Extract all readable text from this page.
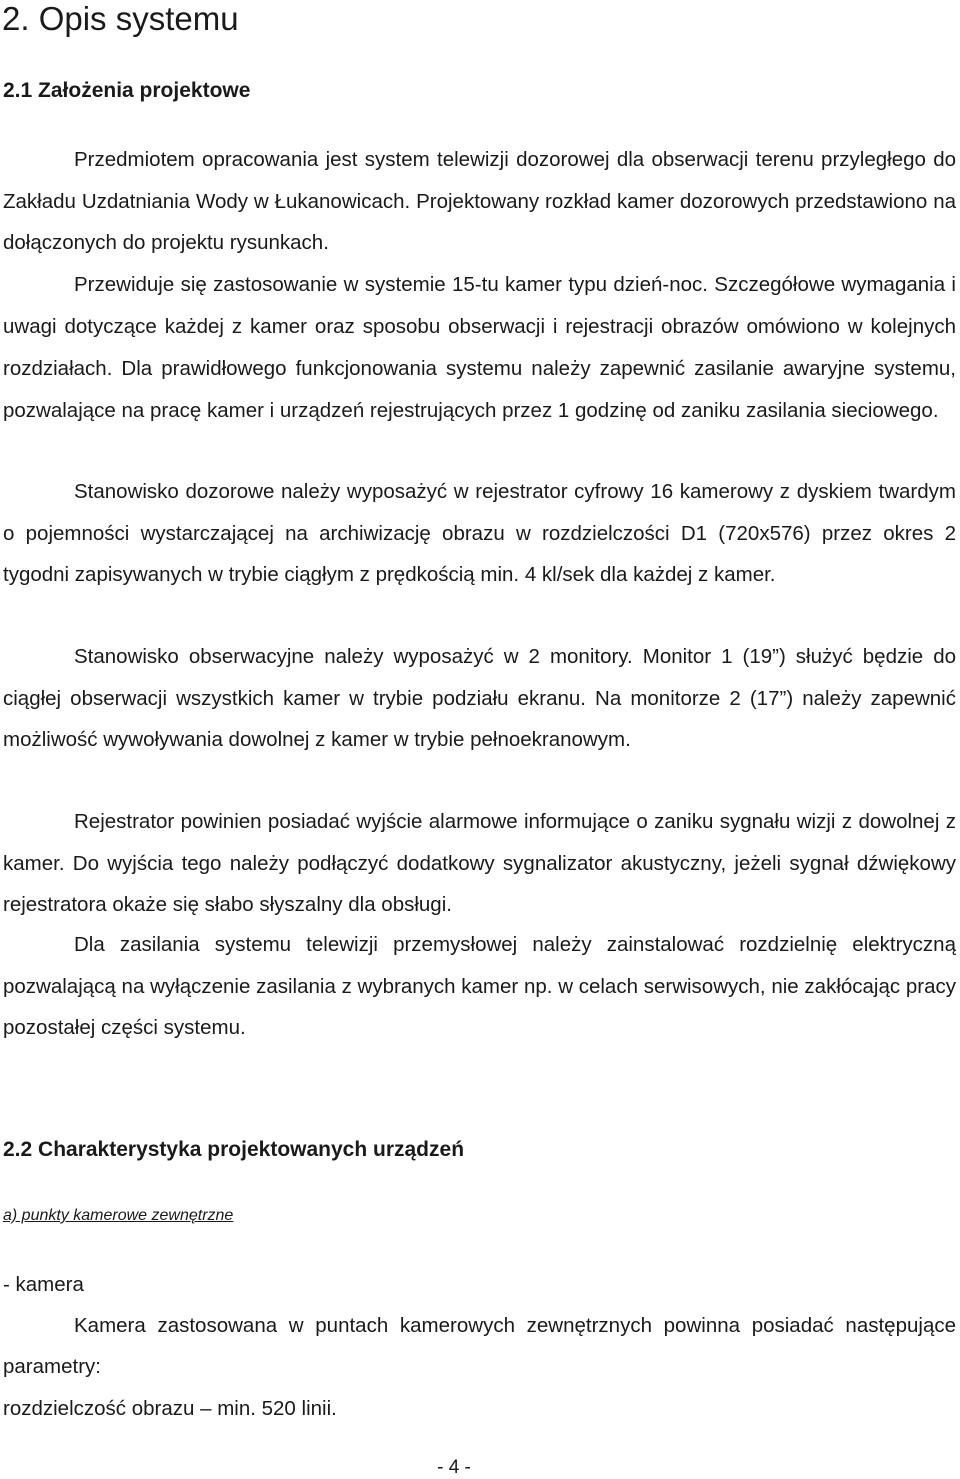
2. Opis systemu
2.1 Założenia projektowe

Przedmiotem opracowania jest system telewizji dozorowej dla obserwacji terenu przyległego do Zakładu Uzdatniania Wody w Łukanowicach. Projektowany rozkład kamer dozorowych przedstawiono na dołączonych do projektu rysunkach.

Przewiduje się zastosowanie w systemie 15-tu kamer typu dzień-noc. Szczegółowe wymagania i uwagi dotyczące każdej z kamer oraz sposobu obserwacji i rejestracji obrazów omówiono w kolejnych rozdziałach. Dla prawidłowego funkcjonowania systemu należy zapewnić zasilanie awaryjne systemu, pozwalające na pracę kamer i urządzeń rejestrujących przez 1 godzinę od zaniku zasilania sieciowego.

Stanowisko dozorowe należy wyposażyć w rejestrator cyfrowy 16 kamerowy z dyskiem twardym o pojemności wystarczającej na archiwizację obrazu w rozdzielczości D1 (720x576) przez okres 2 tygodni zapisywanych w trybie ciągłym z prędkością min. 4 kl/sek dla każdej z kamer.

Stanowisko obserwacyjne należy wyposażyć w 2 monitory. Monitor 1 (19”) służyć będzie do ciągłej obserwacji wszystkich kamer w trybie podziału ekranu. Na monitorze 2 (17”) należy zapewnić możliwość wywoływania dowolnej z kamer w trybie pełnoekranowym.

Rejestrator powinien posiadać wyjście alarmowe informujące o zaniku sygnału wizji z dowolnej z kamer. Do wyjścia tego należy podłączyć dodatkowy sygnalizator akustyczny, jeżeli sygnał dźwiękowy rejestratora okaże się słabo słyszalny dla obsługi.

Dla zasilania systemu telewizji przemysłowej należy zainstalować rozdzielnię elektryczną pozwalającą na wyłączenie zasilania z wybranych kamer np. w celach serwisowych, nie zakłócając pracy pozostałej części systemu.

2.2 Charakterystyka projektowanych urządzeń

a) punkty kamerowe zewnętrzne

- kamera

Kamera zastosowana w puntach kamerowych zewnętrznych powinna posiadać następujące parametry:

rozdzielczość obrazu – min. 520 linii.

- 4 -
